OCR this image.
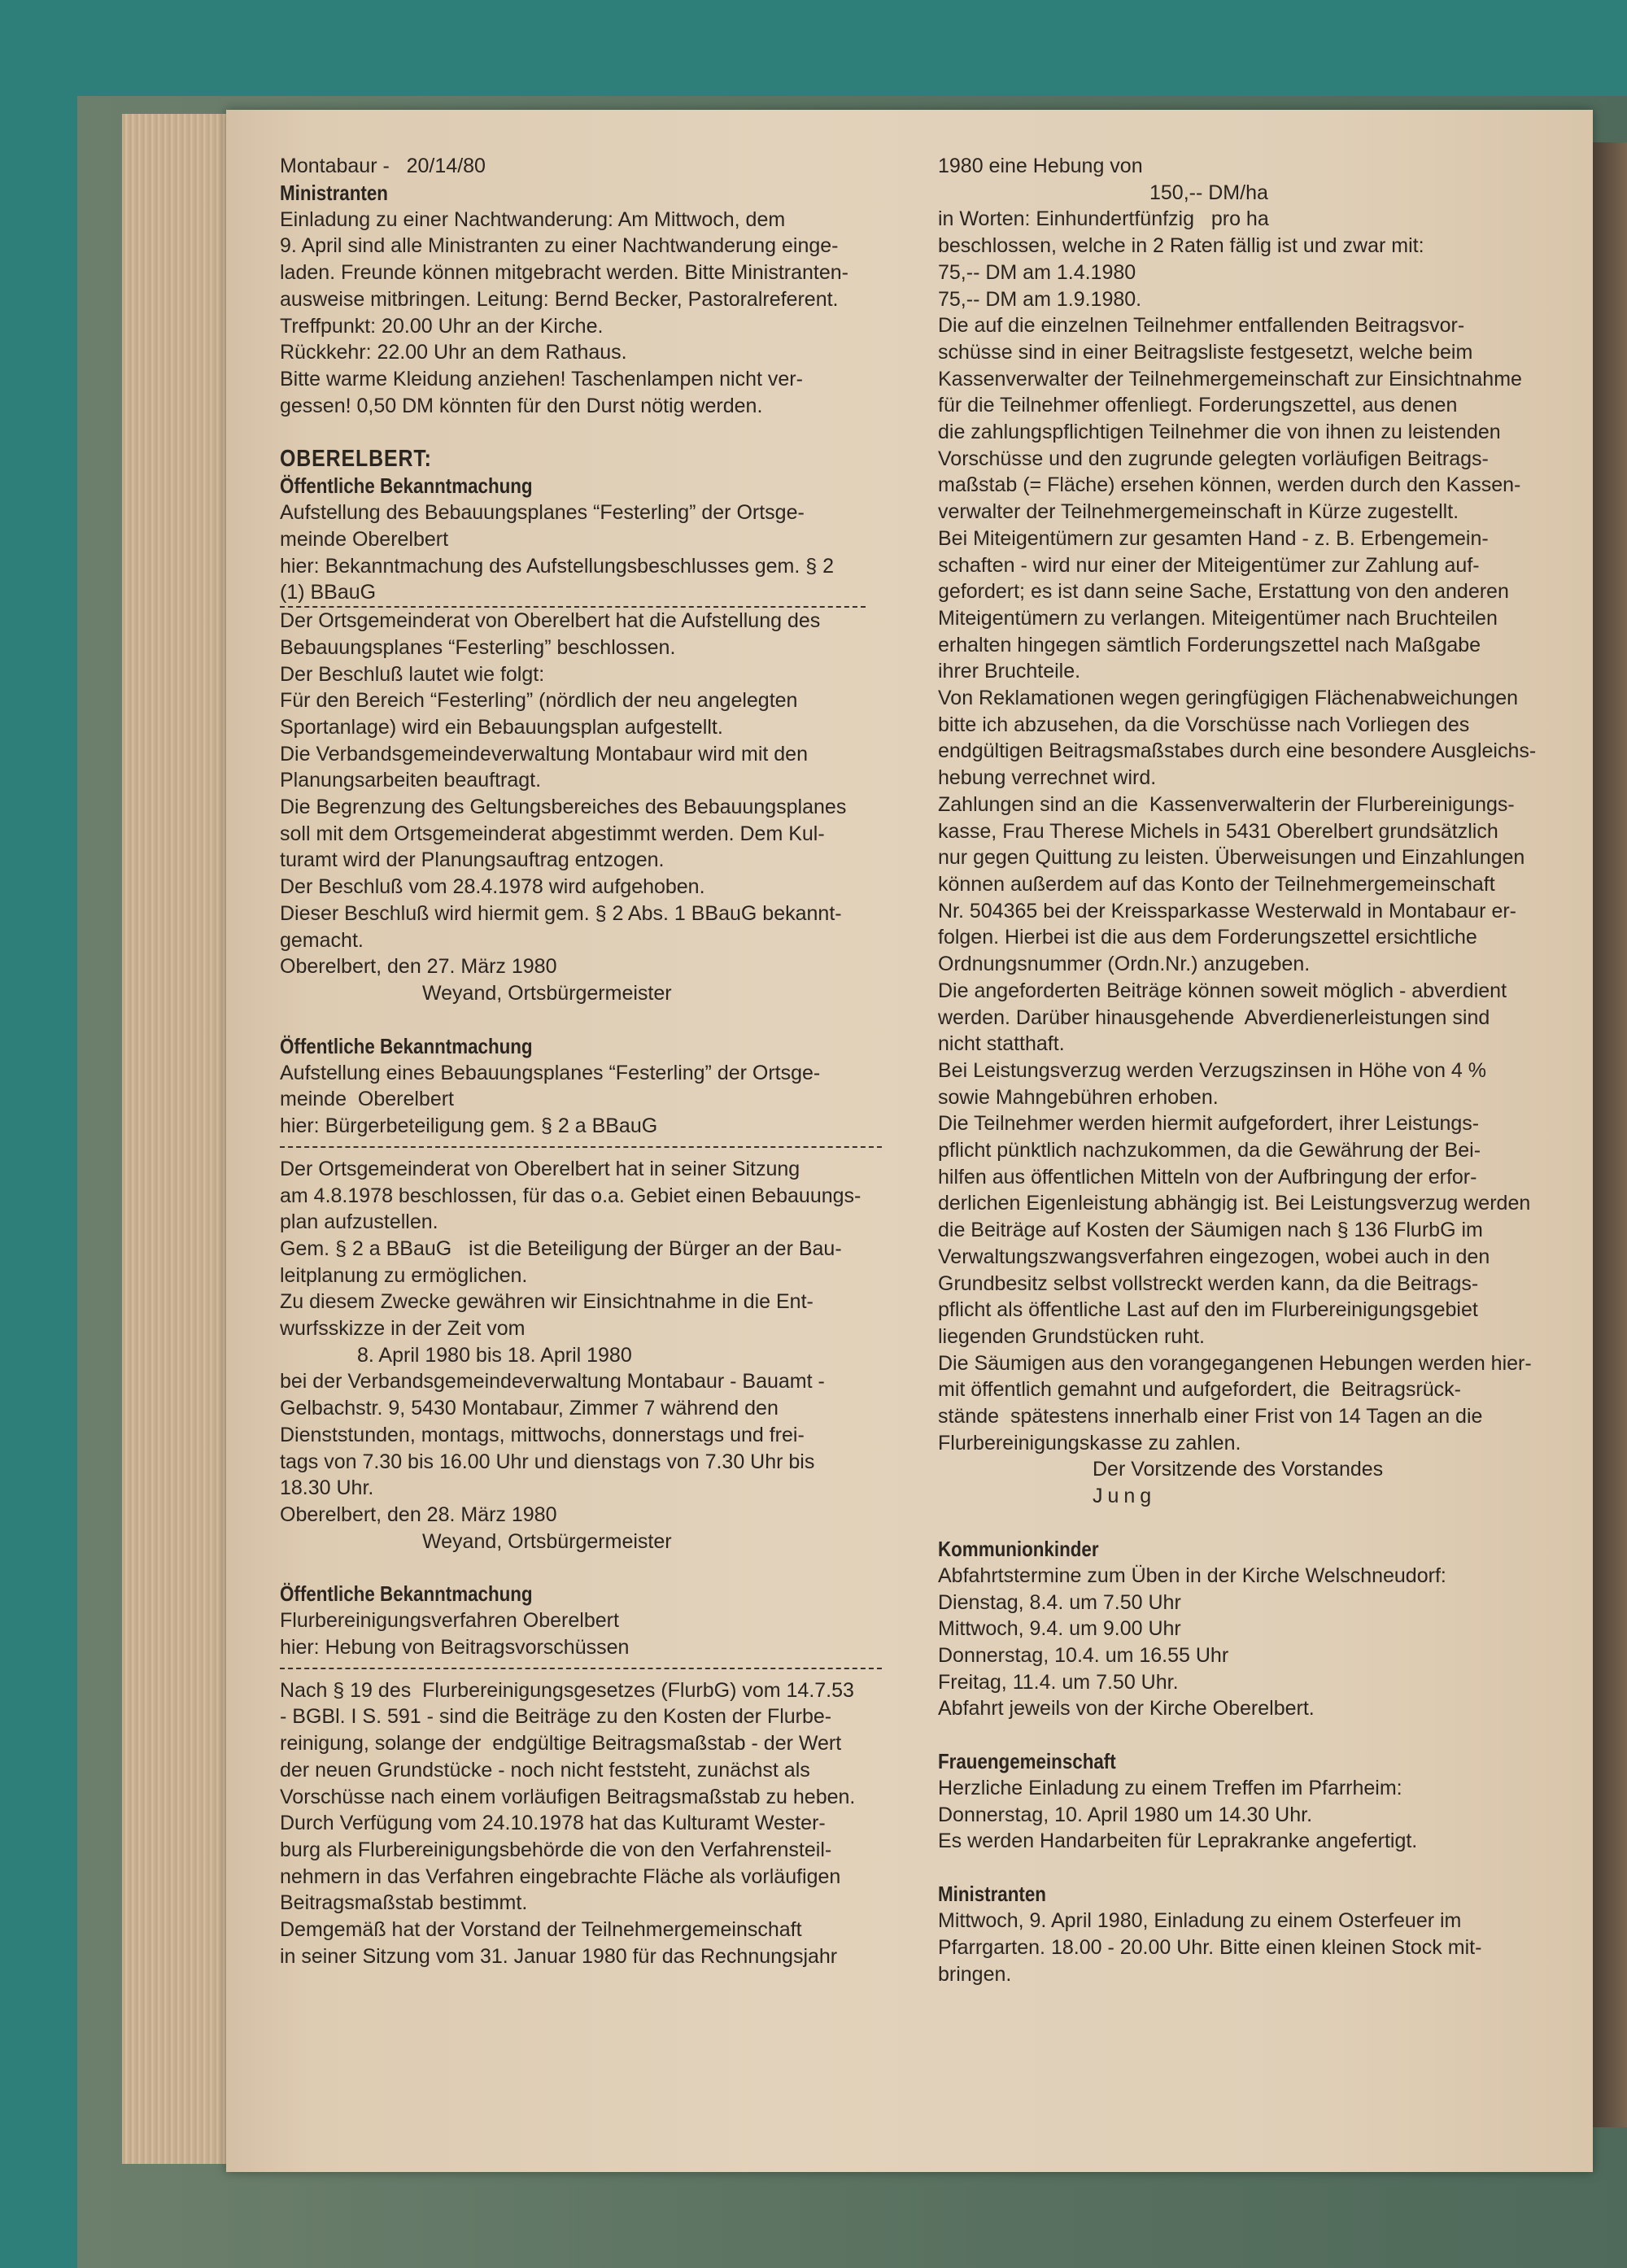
Montabaur -   20/14/80

Ministranten

Einladung zu einer Nachtwanderung: Am Mittwoch, dem

9. April sind alle Ministranten zu einer Nachtwanderung einge-

laden. Freunde können mitgebracht werden. Bitte Ministranten-

ausweise mitbringen. Leitung: Bernd Becker, Pastoralreferent.

Treffpunkt: 20.00 Uhr an der Kirche.

Rückkehr: 22.00 Uhr an dem Rathaus.

Bitte warme Kleidung anziehen! Taschenlampen nicht ver-

gessen! 0,50 DM könnten für den Durst nötig werden.

OBERELBERT:
Öffentliche Bekanntmachung

Aufstellung des Bebauungsplanes “Festerling” der Ortsge-

meinde Oberelbert

hier: Bekanntmachung des Aufstellungsbeschlusses gem. § 2

(1) BBauG

Der Ortsgemeinderat von Oberelbert hat die Aufstellung des

Bebauungsplanes “Festerling” beschlossen.

Der Beschluß lautet wie folgt:

Für den Bereich “Festerling” (nördlich der neu angelegten

Sportanlage) wird ein Bebauungsplan aufgestellt.

Die Verbandsgemeindeverwaltung Montabaur wird mit den

Planungsarbeiten beauftragt.

Die Begrenzung des Geltungsbereiches des Bebauungsplanes

soll mit dem Ortsgemeinderat abgestimmt werden. Dem Kul-

turamt wird der Planungsauftrag entzogen.

Der Beschluß vom 28.4.1978 wird aufgehoben.

Dieser Beschluß wird hiermit gem. § 2 Abs. 1 BBauG bekannt-

gemacht.

Oberelbert, den 27. März 1980

Weyand, Ortsbürgermeister

Öffentliche Bekanntmachung

Aufstellung eines Bebauungsplanes “Festerling” der Ortsge-

meinde  Oberelbert

hier: Bürgerbeteiligung gem. § 2 a BBauG

Der Ortsgemeinderat von Oberelbert hat in seiner Sitzung

am 4.8.1978 beschlossen, für das o.a. Gebiet einen Bebauungs-

plan aufzustellen.

Gem. § 2 a BBauG   ist die Beteiligung der Bürger an der Bau-

leitplanung zu ermöglichen.

Zu diesem Zwecke gewähren wir Einsichtnahme in die Ent-

wurfsskizze in der Zeit vom

8. April 1980 bis 18. April 1980

bei der Verbandsgemeindeverwaltung Montabaur - Bauamt -

Gelbachstr. 9, 5430 Montabaur, Zimmer 7 während den

Dienststunden, montags, mittwochs, donnerstags und frei-

tags von 7.30 bis 16.00 Uhr und dienstags von 7.30 Uhr bis

18.30 Uhr.

Oberelbert, den 28. März 1980

Weyand, Ortsbürgermeister

Öffentliche Bekanntmachung

Flurbereinigungsverfahren Oberelbert

hier: Hebung von Beitragsvorschüssen

Nach § 19 des  Flurbereinigungsgesetzes (FlurbG) vom 14.7.53

- BGBl. I S. 591 - sind die Beiträge zu den Kosten der Flurbe-

reinigung, solange der  endgültige Beitragsmaßstab - der Wert

der neuen Grundstücke - noch nicht feststeht, zunächst als

Vorschüsse nach einem vorläufigen Beitragsmaßstab zu heben.

Durch Verfügung vom 24.10.1978 hat das Kulturamt Wester-

burg als Flurbereinigungsbehörde die von den Verfahrensteil-

nehmern in das Verfahren eingebrachte Fläche als vorläufigen

Beitragsmaßstab bestimmt.

Demgemäß hat der Vorstand der Teilnehmergemeinschaft

in seiner Sitzung vom 31. Januar 1980 für das Rechnungsjahr

1980 eine Hebung von

150,-- DM/ha

in Worten: Einhundertfünfzig   pro ha

beschlossen, welche in 2 Raten fällig ist und zwar mit:

75,-- DM am 1.4.1980

75,-- DM am 1.9.1980.

Die auf die einzelnen Teilnehmer entfallenden Beitragsvor-

schüsse sind in einer Beitragsliste festgesetzt, welche beim

Kassenverwalter der Teilnehmergemeinschaft zur Einsichtnahme

für die Teilnehmer offenliegt. Forderungszettel, aus denen

die zahlungspflichtigen Teilnehmer die von ihnen zu leistenden

Vorschüsse und den zugrunde gelegten vorläufigen Beitrags-

maßstab (= Fläche) ersehen können, werden durch den Kassen-

verwalter der Teilnehmergemeinschaft in Kürze zugestellt.

Bei Miteigentümern zur gesamten Hand - z. B. Erbengemein-

schaften - wird nur einer der Miteigentümer zur Zahlung auf-

gefordert; es ist dann seine Sache, Erstattung von den anderen

Miteigentümern zu verlangen. Miteigentümer nach Bruchteilen

erhalten hingegen sämtlich Forderungszettel nach Maßgabe

ihrer Bruchteile.

Von Reklamationen wegen geringfügigen Flächenabweichungen

bitte ich abzusehen, da die Vorschüsse nach Vorliegen des

endgültigen Beitragsmaßstabes durch eine besondere Ausgleichs-

hebung verrechnet wird.

Zahlungen sind an die  Kassenverwalterin der Flurbereinigungs-

kasse, Frau Therese Michels in 5431 Oberelbert grundsätzlich

nur gegen Quittung zu leisten. Überweisungen und Einzahlungen

können außerdem auf das Konto der Teilnehmergemeinschaft

Nr. 504365 bei der Kreissparkasse Westerwald in Montabaur er-

folgen. Hierbei ist die aus dem Forderungszettel ersichtliche

Ordnungsnummer (Ordn.Nr.) anzugeben.

Die angeforderten Beiträge können soweit möglich - abverdient

werden. Darüber hinausgehende  Abverdienerleistungen sind

nicht statthaft.

Bei Leistungsverzug werden Verzugszinsen in Höhe von 4 %

sowie Mahngebühren erhoben.

Die Teilnehmer werden hiermit aufgefordert, ihrer Leistungs-

pflicht pünktlich nachzukommen, da die Gewährung der Bei-

hilfen aus öffentlichen Mitteln von der Aufbringung der erfor-

derlichen Eigenleistung abhängig ist. Bei Leistungsverzug werden

die Beiträge auf Kosten der Säumigen nach § 136 FlurbG im

Verwaltungszwangsverfahren eingezogen, wobei auch in den

Grundbesitz selbst vollstreckt werden kann, da die Beitrags-

pflicht als öffentliche Last auf den im Flurbereinigungsgebiet

liegenden Grundstücken ruht.

Die Säumigen aus den vorangegangenen Hebungen werden hier-

mit öffentlich gemahnt und aufgefordert, die  Beitragsrück-

stände  spätestens innerhalb einer Frist von 14 Tagen an die

Flurbereinigungskasse zu zahlen.

Der Vorsitzende des Vorstandes

Jung

Kommunionkinder

Abfahrtstermine zum Üben in der Kirche Welschneudorf:

Dienstag, 8.4. um 7.50 Uhr

Mittwoch, 9.4. um 9.00 Uhr

Donnerstag, 10.4. um 16.55 Uhr

Freitag, 11.4. um 7.50 Uhr.

Abfahrt jeweils von der Kirche Oberelbert.

Frauengemeinschaft

Herzliche Einladung zu einem Treffen im Pfarrheim:

Donnerstag, 10. April 1980 um 14.30 Uhr.

Es werden Handarbeiten für Leprakranke angefertigt.

Ministranten

Mittwoch, 9. April 1980, Einladung zu einem Osterfeuer im

Pfarrgarten. 18.00 - 20.00 Uhr. Bitte einen kleinen Stock mit-

bringen.
